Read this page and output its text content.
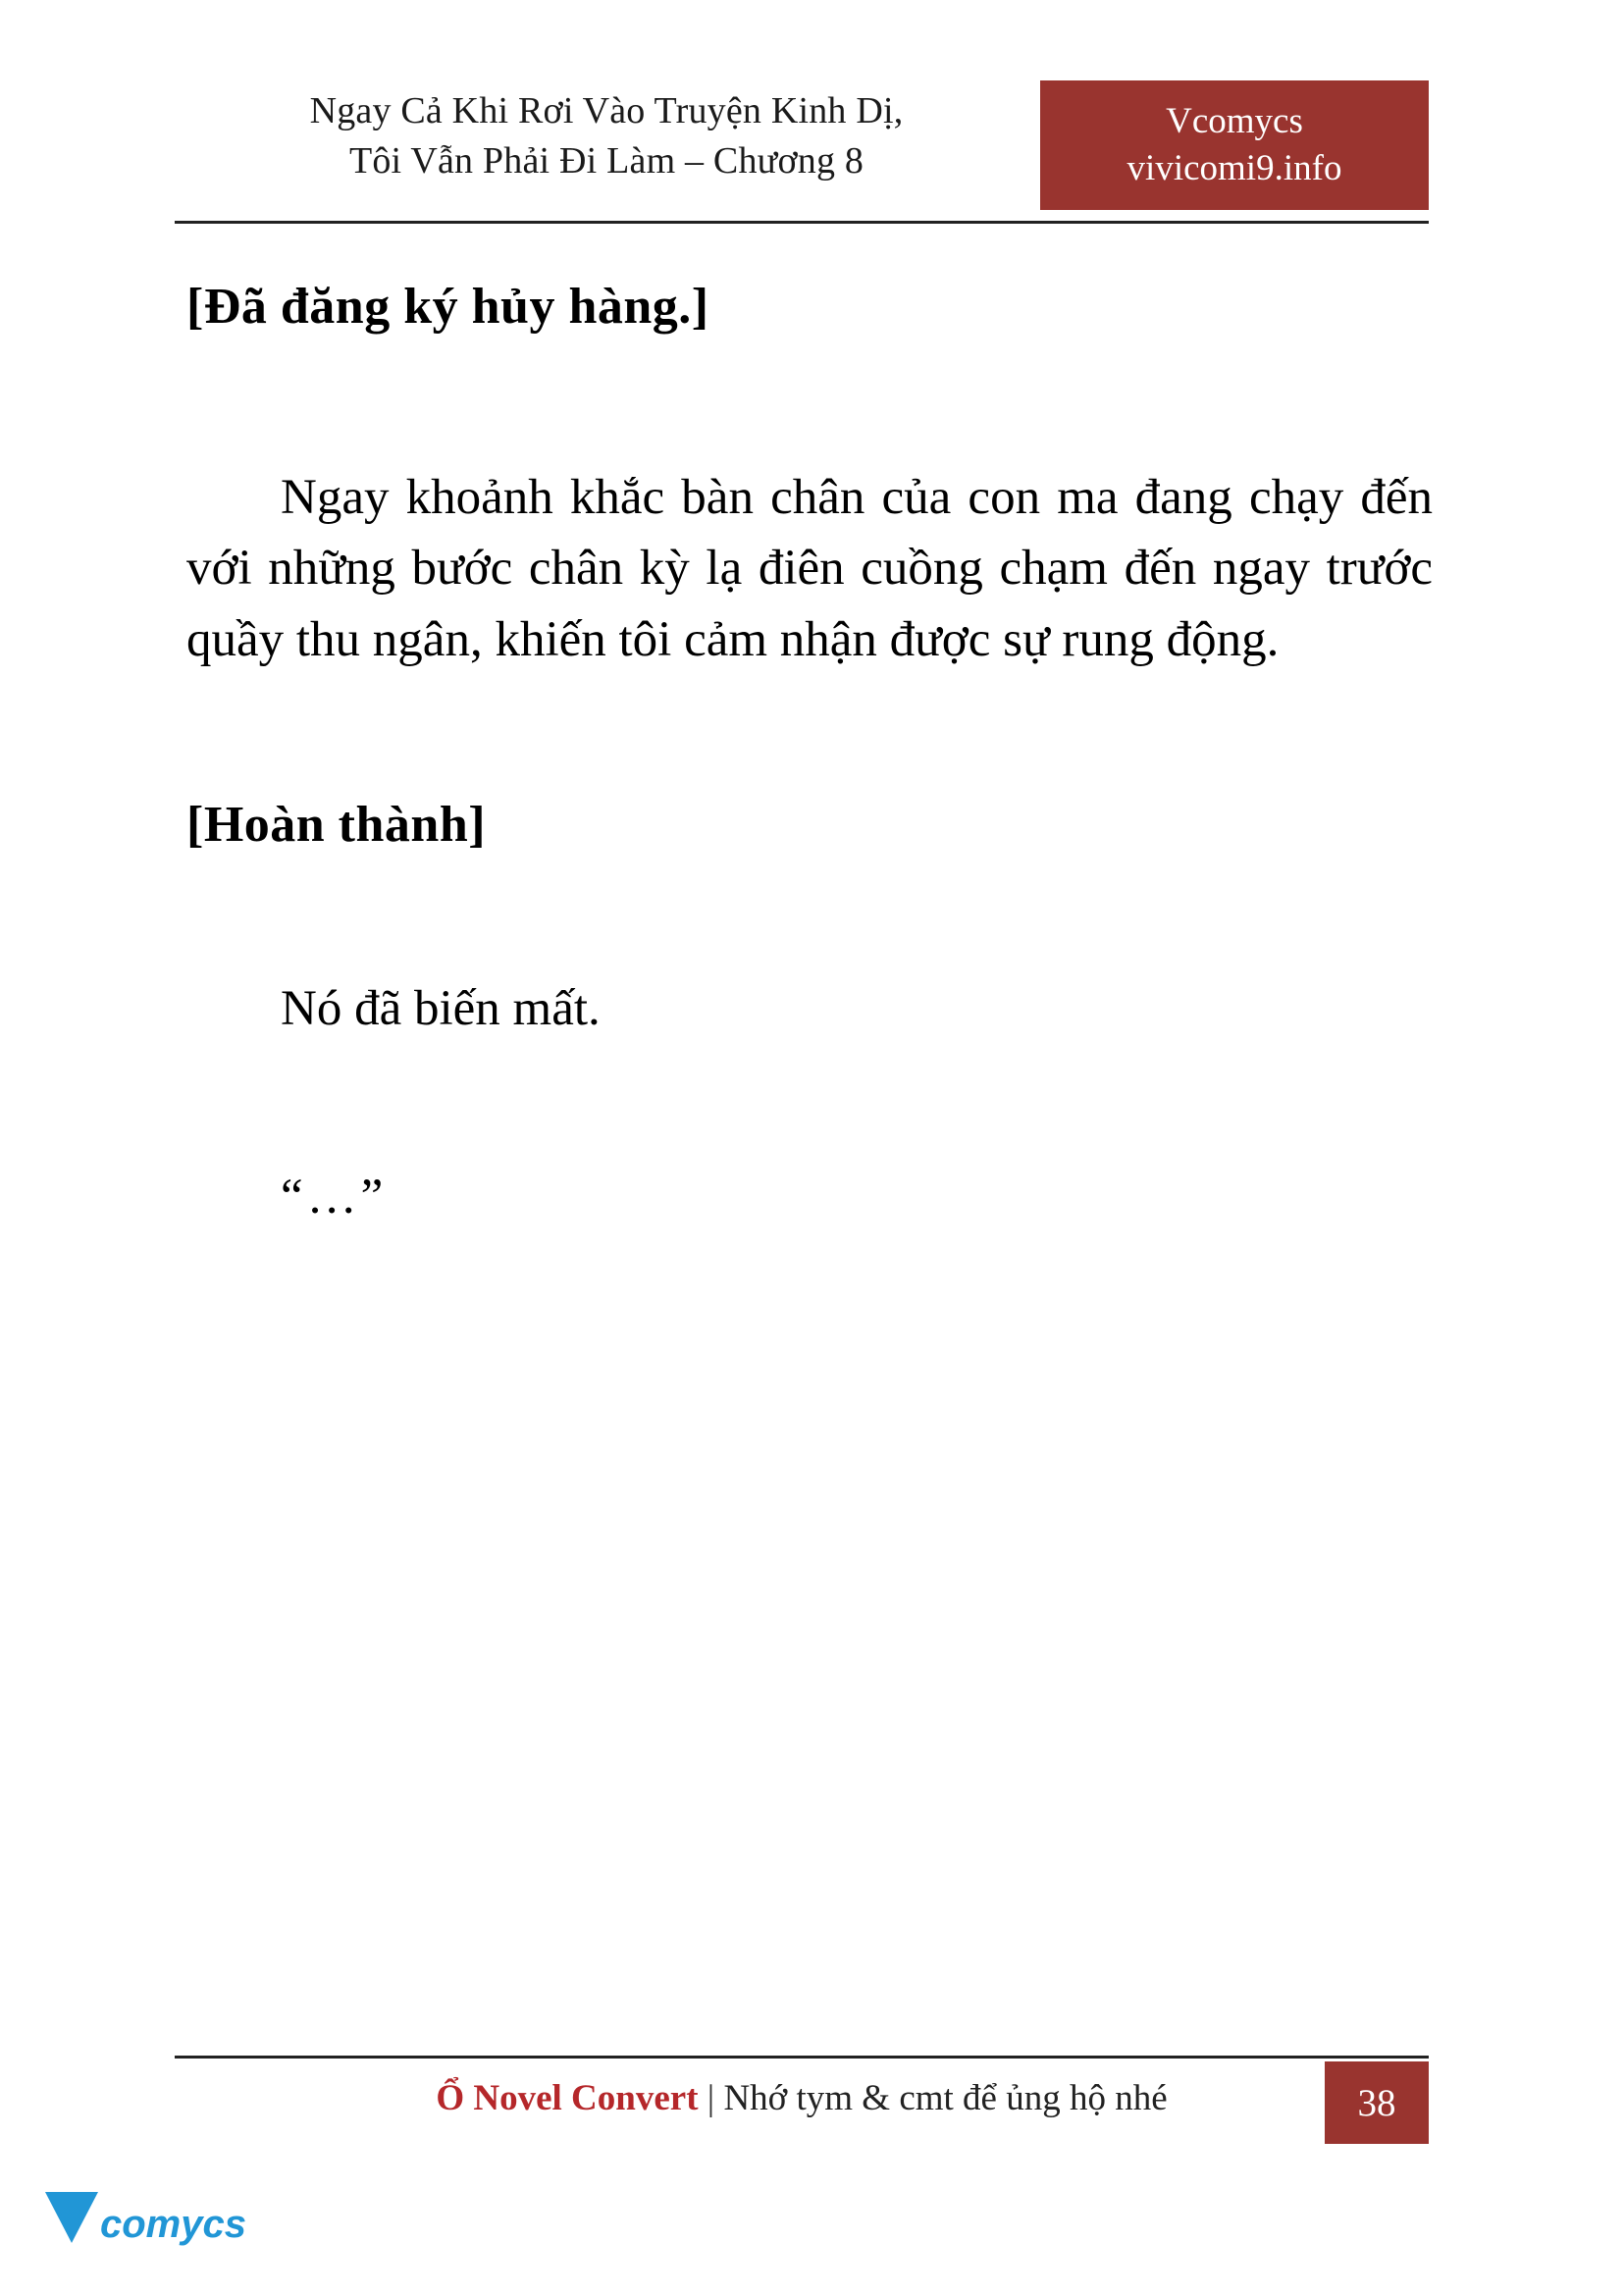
Ngay Cả Khi Rơi Vào Truyện Kinh Dị,
Tôi Vẫn Phải Đi Làm – Chương 8
Vcomycs
vivicomi9.info

[Đã đăng ký hủy hàng.]

Ngay khoảnh khắc bàn chân của con ma đang chạy đến với những bước chân kỳ lạ điên cuồng chạm đến ngay trước quầy thu ngân, khiến tôi cảm nhận được sự rung động.

[Hoàn thành]

Nó đã biến mất.

“…”

Ổ Novel Convert | Nhớ tym & cmt để ủng hộ nhé	38
comycs
